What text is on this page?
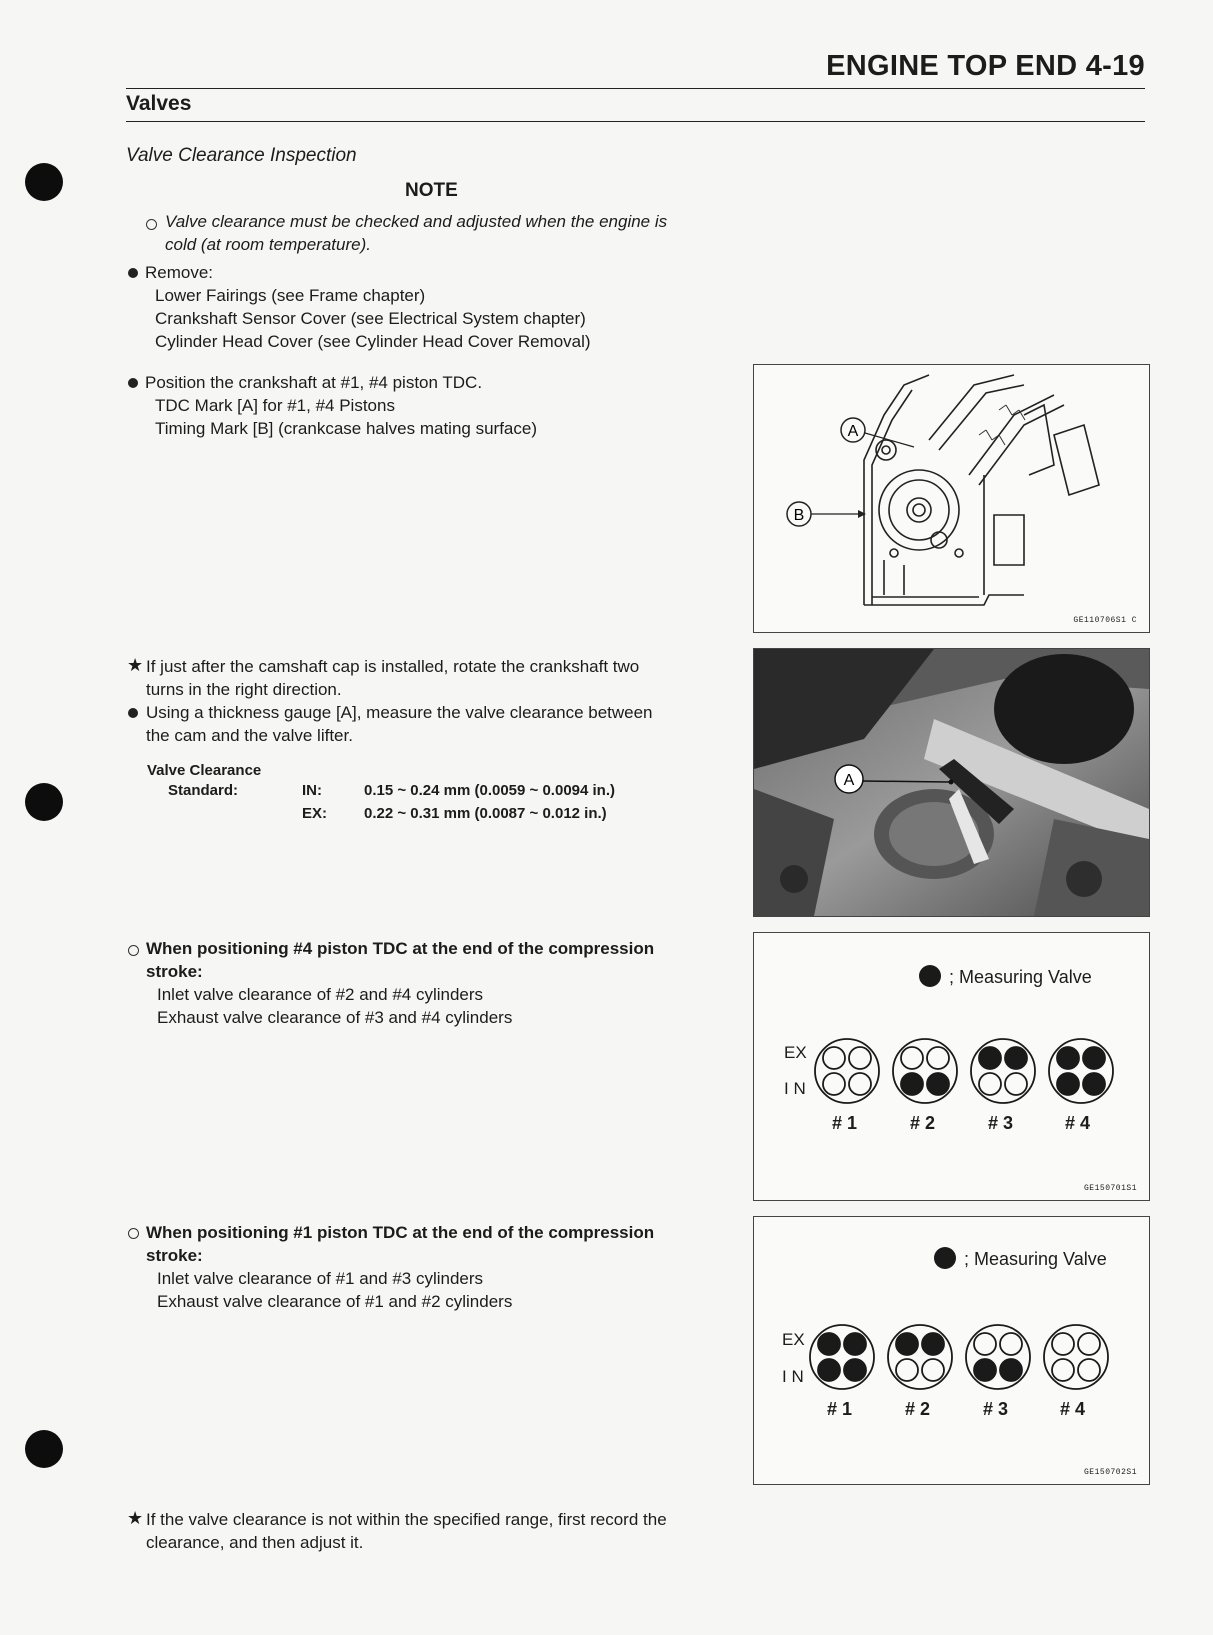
ENGINE TOP END 4-19
Valves
Valve Clearance Inspection
NOTE
Valve clearance must be checked and adjusted when the engine is
cold (at room temperature).
Remove:
Lower Fairings (see Frame chapter)
Crankshaft Sensor Cover (see Electrical System chapter)
Cylinder Head Cover (see Cylinder Head Cover Removal)
Position the crankshaft at #1, #4 piston TDC.
TDC Mark [A] for #1, #4 Pistons
Timing Mark [B] (crankcase halves mating surface)	A
B
GE110706S1 C
★ If just after the camshaft cap is installed, rotate the crankshaft two
turns in the right direction.
Using a thickness gauge [A], measure the valve clearance between
the cam and the valve lifter.
Valve Clearance
Standard:	IN:	0.15 ~ 0.24 mm (0.0059 ~ 0.0094 in.)
EX: 0.22 ~ 0.31 mm (0.0087 ~ 0.012 in.)
A
When positioning #4 piston TDC at the end of the compression
stroke:
Inlet valve clearance of #2 and #4 cylinders
Exhaust valve clearance of #3 and #4 cylinders
; Measuring Valve
EX
I N
# 1	# 2	# 3	# 4
GE150701S1
When positioning #1 piston TDC at the end of the compression
stroke:
Inlet valve clearance of #1 and #3 cylinders
Exhaust valve clearance of #1 and #2 cylinders
; Measuring Valve
EX
I N
# 1	# 2	# 3	# 4
GE150702S1
★ If the valve clearance is not within the specified range, first record the
clearance, and then adjust it.
